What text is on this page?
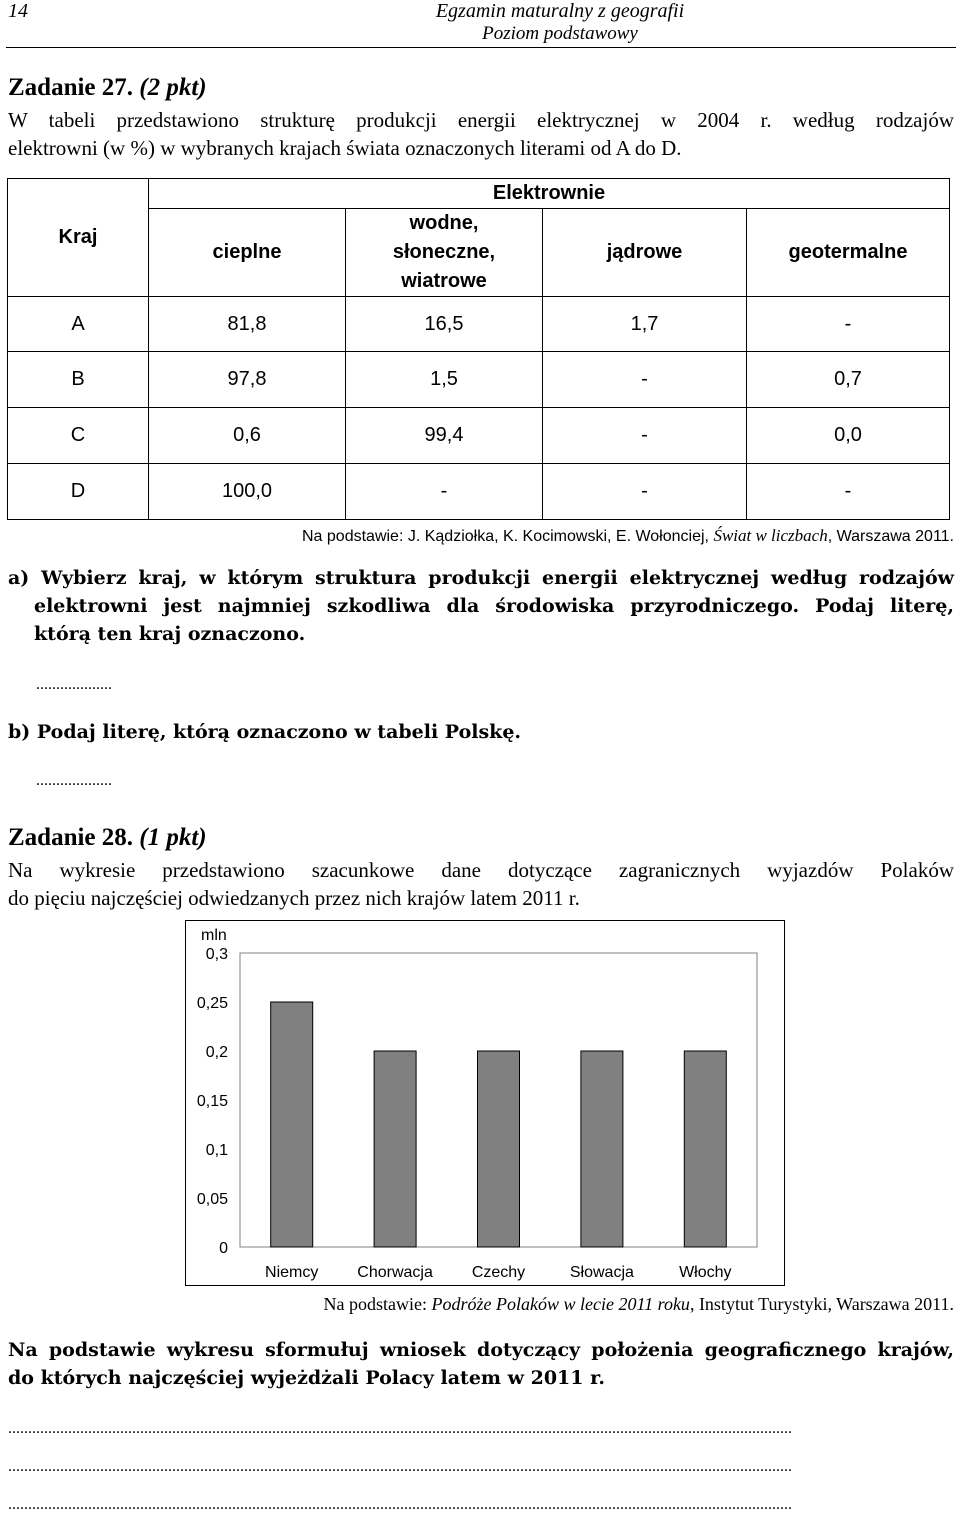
14	Egzamin maturalny z geografii
Poziom podstawowy
Zadanie 27. (2 pkt)
W tabeli przedstawiono strukturę produkcji energii elektrycznej w 2004 r. według rodzajów
elektrowni (w %) w wybranych krajach świata oznaczonych literami od A do D.
Kraj	Elektrownie			
	cieplne	wodne,
słoneczne,
wiatrowe	jądrowe	geotermalne
A	81,8	16,5	1,7	-
B	97,8	1,5	-	0,7
C	0,6	99,4	-	0,0
D	100,0	-	-	-
Na podstawie: J. Kądziołka, K. Kocimowski, E. Wołonciej, Świat w liczbach, Warszawa 2011.
a) Wybierz kraj, w którym struktura produkcji energii elektrycznej według rodzajów
elektrowni jest najmniej szkodliwa dla środowiska przyrodniczego. Podaj literę,
którą ten kraj oznaczono.
...................
b) Podaj literę, którą oznaczono w tabeli Polskę.
...................
Zadanie 28. (1 pkt)
Na wykresie przedstawiono szacunkowe dane dotyczące zagranicznych wyjazdów Polaków
do pięciu najczęściej odwiedzanych przez nich krajów latem 2011 r.
mln
0
0,05
0,1
0,15
0,2
0,25
0,3
Niemcy Chorwacja Czechy	Słowacja	Włochy
Na podstawie: Podróże Polaków w lecie 2011 roku, Instytut Turystyki, Warszawa 2011.
Na podstawie wykresu sformułuj wniosek dotyczący położenia geograficznego krajów,
do których najczęściej wyjeżdżali Polacy latem w 2011 r.
....................................................................................................................................................................................................
....................................................................................................................................................................................................
....................................................................................................................................................................................................
